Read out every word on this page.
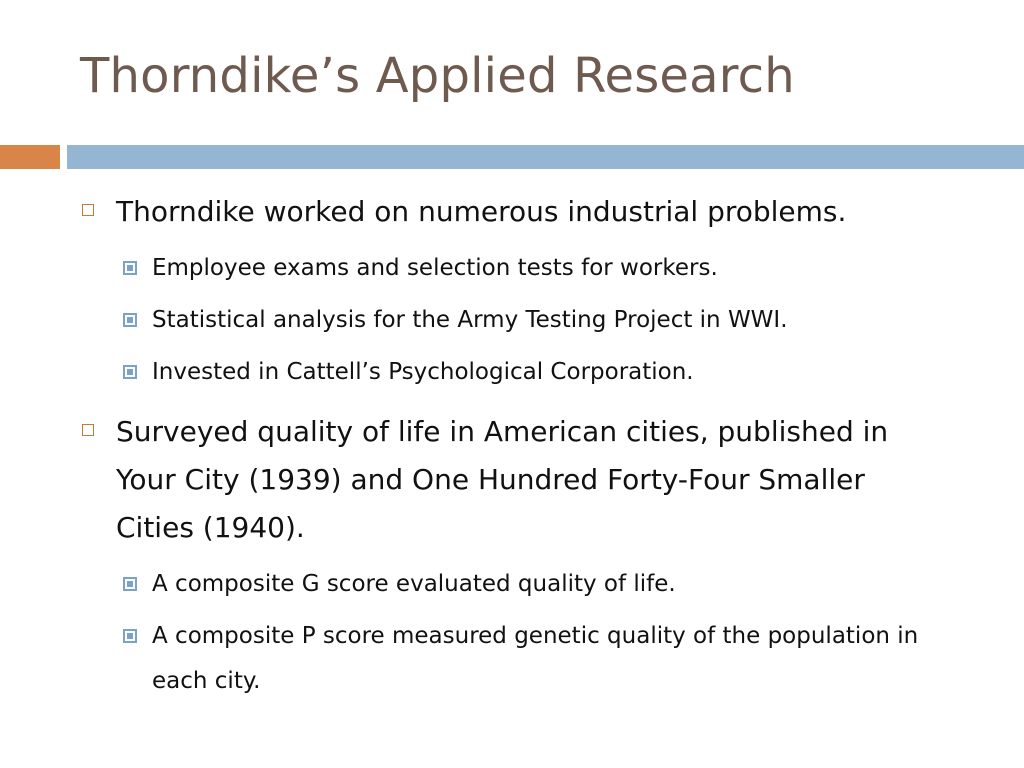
Thorndike’s Applied Research
Thorndike worked on numerous industrial problems.
Employee exams and selection tests for workers.
Statistical analysis for the Army Testing Project in WWI.
Invested in Cattell’s Psychological Corporation.
Surveyed quality of life in American cities, published in Your City (1939) and One Hundred Forty-Four Smaller Cities (1940).
A composite G score evaluated quality of life.
A composite P score measured genetic quality of the population in each city.
